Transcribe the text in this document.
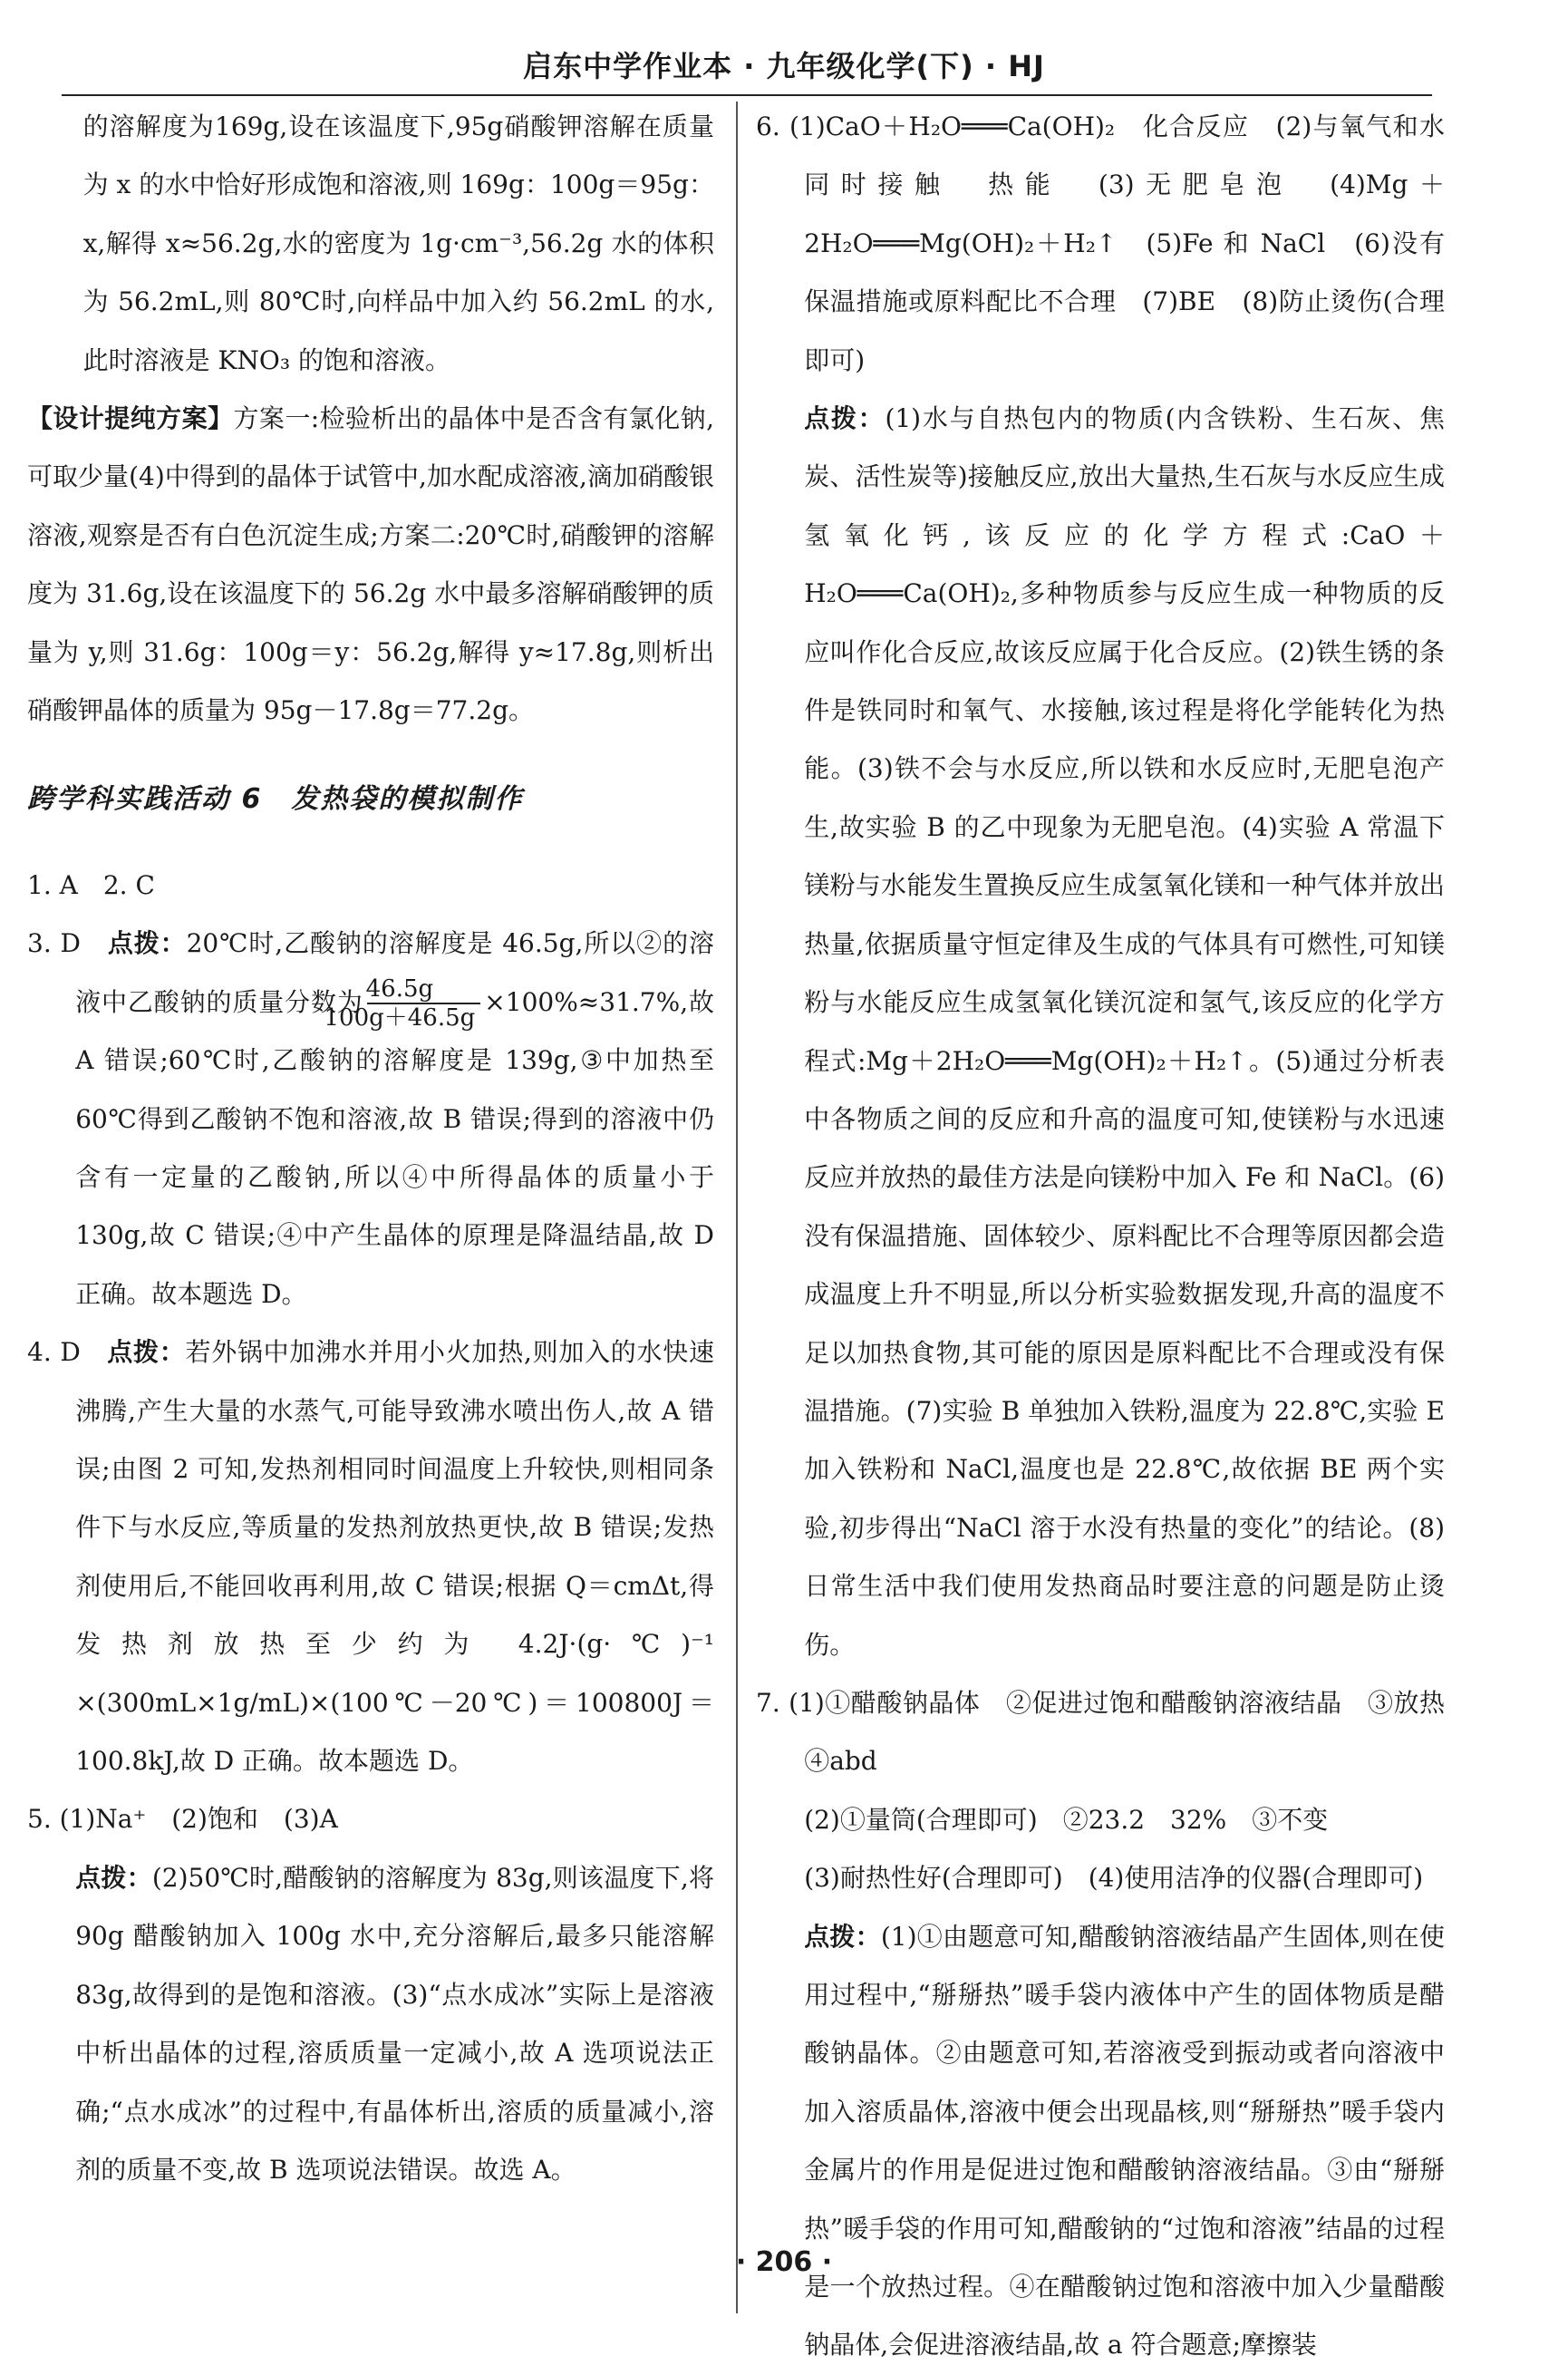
启东中学作业本 · 九年级化学(下) · HJ

的溶解度为169g,设在该温度下,95g硝酸钾溶解在质量为 x 的水中恰好形成饱和溶液,则 169g：100g＝95g：x,解得 x≈56.2g,水的密度为 1g·cm⁻³,56.2g 水的体积为 56.2mL,则 80℃时,向样品中加入约 56.2mL 的水,此时溶液是 KNO₃ 的饱和溶液。

【设计提纯方案】方案一:检验析出的晶体中是否含有氯化钠,可取少量(4)中得到的晶体于试管中,加水配成溶液,滴加硝酸银溶液,观察是否有白色沉淀生成;方案二:20℃时,硝酸钾的溶解度为 31.6g,设在该温度下的 56.2g 水中最多溶解硝酸钾的质量为 y,则 31.6g：100g＝y：56.2g,解得 y≈17.8g,则析出硝酸钾晶体的质量为 95g－17.8g＝77.2g。

跨学科实践活动 6　发热袋的模拟制作

1. A　2. C

3. D　点拨：20℃时,乙酸钠的溶解度是 46.5g,所以②的溶液中乙酸钠的质量分数为 $\frac{46.5g}{100g+46.5g} \times 100\%\approx 31.7\%$,故 A 错误;60℃时,乙酸钠的溶解度是 139g,③中加热至 60℃得到乙酸钠不饱和溶液,故 B 错误;得到的溶液中仍含有一定量的乙酸钠,所以④中所得晶体的质量小于 130g,故 C 错误;④中产生晶体的原理是降温结晶,故 D 正确。故本题选 D。

4. D　点拨：若外锅中加沸水并用小火加热,则加入的水快速沸腾,产生大量的水蒸气,可能导致沸水喷出伤人,故 A 错误;由图 2 可知,发热剂相同时间温度上升较快,则相同条件下与水反应,等质量的发热剂放热更快,故 B 错误;发热剂使用后,不能回收再利用,故 C 错误;根据 Q＝cmΔt,得发热剂放热至少约为 4.2J·(g·℃)⁻¹ ×(300mL×1g/mL)×(100℃－20℃)＝100800J＝100.8kJ,故 D 正确。故本题选 D。

5. (1)Na⁺　(2)饱和　(3)A

点拨：(2)50℃时,醋酸钠的溶解度为 83g,则该温度下,将 90g 醋酸钠加入 100g 水中,充分溶解后,最多只能溶解 83g,故得到的是饱和溶液。(3)“点水成冰”实际上是溶液中析出晶体的过程,溶质质量一定减小,故 A 选项说法正确;“点水成冰”的过程中,有晶体析出,溶质的质量减小,溶剂的质量不变,故 B 选项说法错误。故选 A。

6. (1)CaO＋H₂O═══Ca(OH)₂　化合反应　(2)与氧气和水同时接触　热能　(3)无肥皂泡　(4)Mg＋2H₂O═══Mg(OH)₂＋H₂↑　(5)Fe 和 NaCl　(6)没有保温措施或原料配比不合理　(7)BE　(8)防止烫伤(合理即可)

点拨：(1)水与自热包内的物质(内含铁粉、生石灰、焦炭、活性炭等)接触反应,放出大量热,生石灰与水反应生成氢氧化钙,该反应的化学方程式:CaO＋H₂O═══Ca(OH)₂,多种物质参与反应生成一种物质的反应叫作化合反应,故该反应属于化合反应。(2)铁生锈的条件是铁同时和氧气、水接触,该过程是将化学能转化为热能。(3)铁不会与水反应,所以铁和水反应时,无肥皂泡产生,故实验 B 的乙中现象为无肥皂泡。(4)实验 A 常温下镁粉与水能发生置换反应生成氢氧化镁和一种气体并放出热量,依据质量守恒定律及生成的气体具有可燃性,可知镁粉与水能反应生成氢氧化镁沉淀和氢气,该反应的化学方程式:Mg＋2H₂O═══Mg(OH)₂＋H₂↑。(5)通过分析表中各物质之间的反应和升高的温度可知,使镁粉与水迅速反应并放热的最佳方法是向镁粉中加入 Fe 和 NaCl。(6)没有保温措施、固体较少、原料配比不合理等原因都会造成温度上升不明显,所以分析实验数据发现,升高的温度不足以加热食物,其可能的原因是原料配比不合理或没有保温措施。(7)实验 B 单独加入铁粉,温度为 22.8℃,实验 E 加入铁粉和 NaCl,温度也是 22.8℃,故依据 BE 两个实验,初步得出“NaCl 溶于水没有热量的变化”的结论。(8)日常生活中我们使用发热商品时要注意的问题是防止烫伤。

7. (1)①醋酸钠晶体　②促进过饱和醋酸钠溶液结晶　③放热　④abd

(2)①量筒(合理即可)　②23.2　32%　③不变

(3)耐热性好(合理即可)　(4)使用洁净的仪器(合理即可)

点拨：(1)①由题意可知,醋酸钠溶液结晶产生固体,则在使用过程中,“掰掰热”暖手袋内液体中产生的固体物质是醋酸钠晶体。②由题意可知,若溶液受到振动或者向溶液中加入溶质晶体,溶液中便会出现晶核,则“掰掰热”暖手袋内金属片的作用是促进过饱和醋酸钠溶液结晶。③由“掰掰热”暖手袋的作用可知,醋酸钠的“过饱和溶液”结晶的过程是一个放热过程。④在醋酸钠过饱和溶液中加入少量醋酸钠晶体,会促进溶液结晶,故 a 符合题意;摩擦装

· 206 ·
